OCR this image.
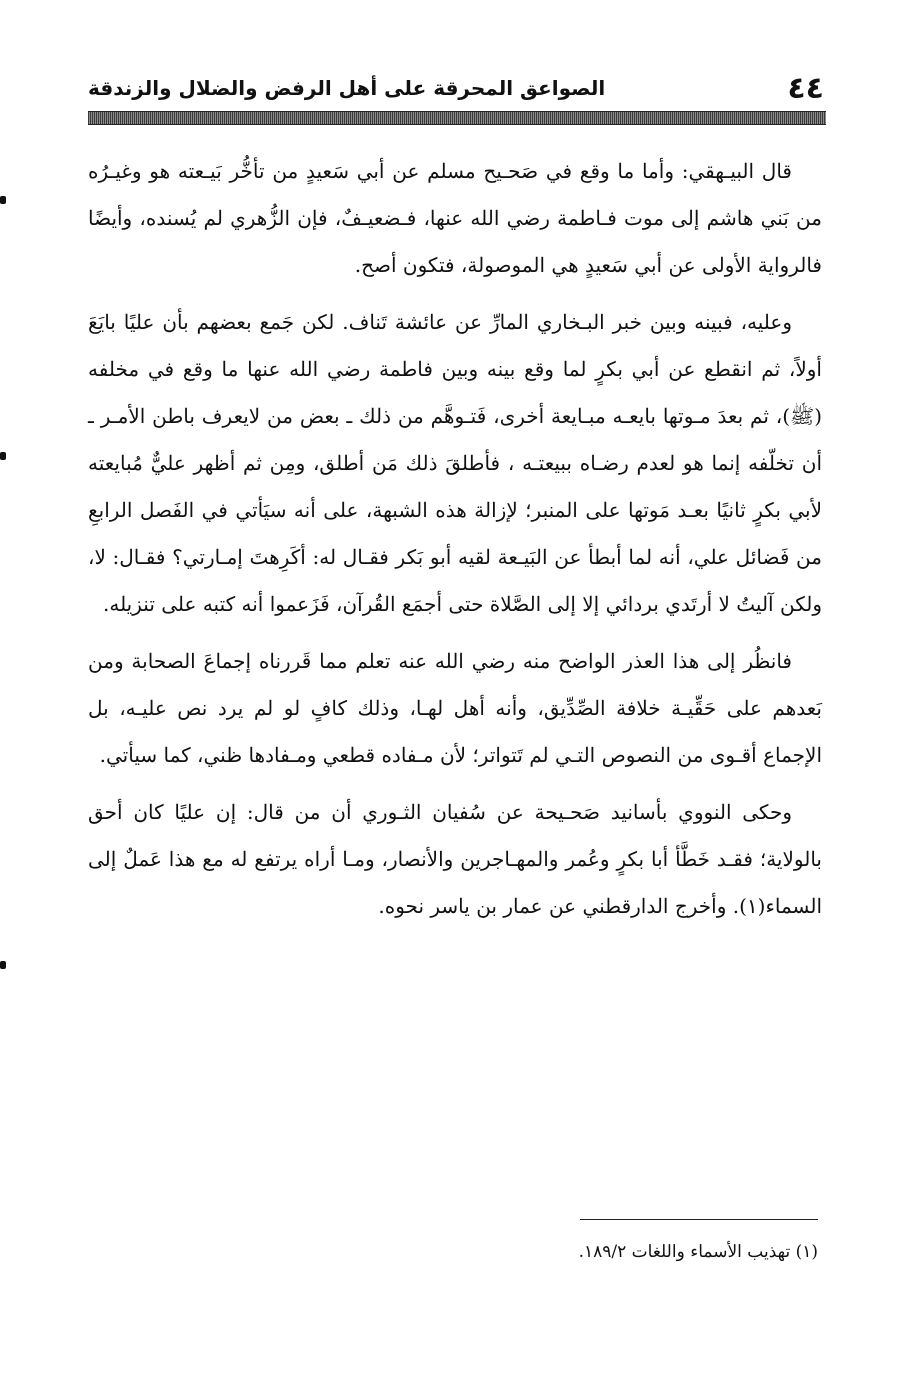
٤٤
الصواعق المحرقة على أهل الرفض والضلال والزندقة

قال البيـهقي: وأما ما وقع في صَحـيح مسلم عن أبي سَعيدٍ من تأخُّر بَيـعته هو وغيـرُه من بَني هاشم إلى موت فـاطمة رضي الله عنها، فـضعيـفٌ، فإن الزُّهري لم يُسنده، وأيضًا فالرواية الأولى عن أبي سَعيدٍ هي الموصولة، فتكون أصح.

وعليه، فبينه وبين خبر البـخاري المارِّ عن عائشة تَناف. لكن جَمع بعضهم بأن عليًا بايَعَ أولاً، ثم انقطع عن أبي بكرٍ لما وقع بينه وبين فاطمة رضي الله عنها ما وقع في مخلفه (ﷺ)، ثم بعدَ مـوتها بايعـه مبـايعة أخرى، فَتـوهَّم من ذلك ـ بعض من لايعرف باطن الأمـر ـ أن تخلّفه إنما هو لعدم رضـاه ببيعتـه ، فأطلقَ ذلك مَن أطلق، ومِن ثم أظهر عليٌّ مُبايعته لأبي بكرٍ ثانيًا بعـد مَوتها على المنبر؛ لإزالة هذه الشبهة، على أنه سيَأتي في الفَصل الرابعِ من فَضائل علي، أنه لما أبطأ عن البَيـعة لقيه أبو بَكر فقـال له: أكَرِهتَ إمـارتي؟ فقـال: لا، ولكن آليتُ لا أرتَدي بردائي إلا إلى الصَّلاة حتى أجمَع القُرآن، فَزَعموا أنه كتبه على تنزيله.

فانظُر إلى هذا العذر الواضح منه رضي الله عنه تعلم مما قَررناه إجماعَ الصحابة ومن بَعدهم على حَقِّيـة خلافة الصِّدِّيق، وأنه أهل لهـا، وذلك كافٍ لو لم يرد نص عليـه، بل الإجماع أقـوى من النصوص التـي لم تَتواتر؛ لأن مـفاده قطعي ومـفادها ظني، كما سيأتي.

وحكى النووي بأسانيد صَحـيحة عن سُفيان الثـوري أن من قال: إن عليًا كان أحق بالولاية؛ فقـد خَطَّأ أبا بكرٍ وعُمر والمهـاجرين والأنصار، ومـا أراه يرتفع له مع هذا عَملٌ إلى السماء(١). وأخرج الدارقطني عن عمار بن ياسر نحوه.

(١) تهذيب الأسماء واللغات ١٨٩/٢.
